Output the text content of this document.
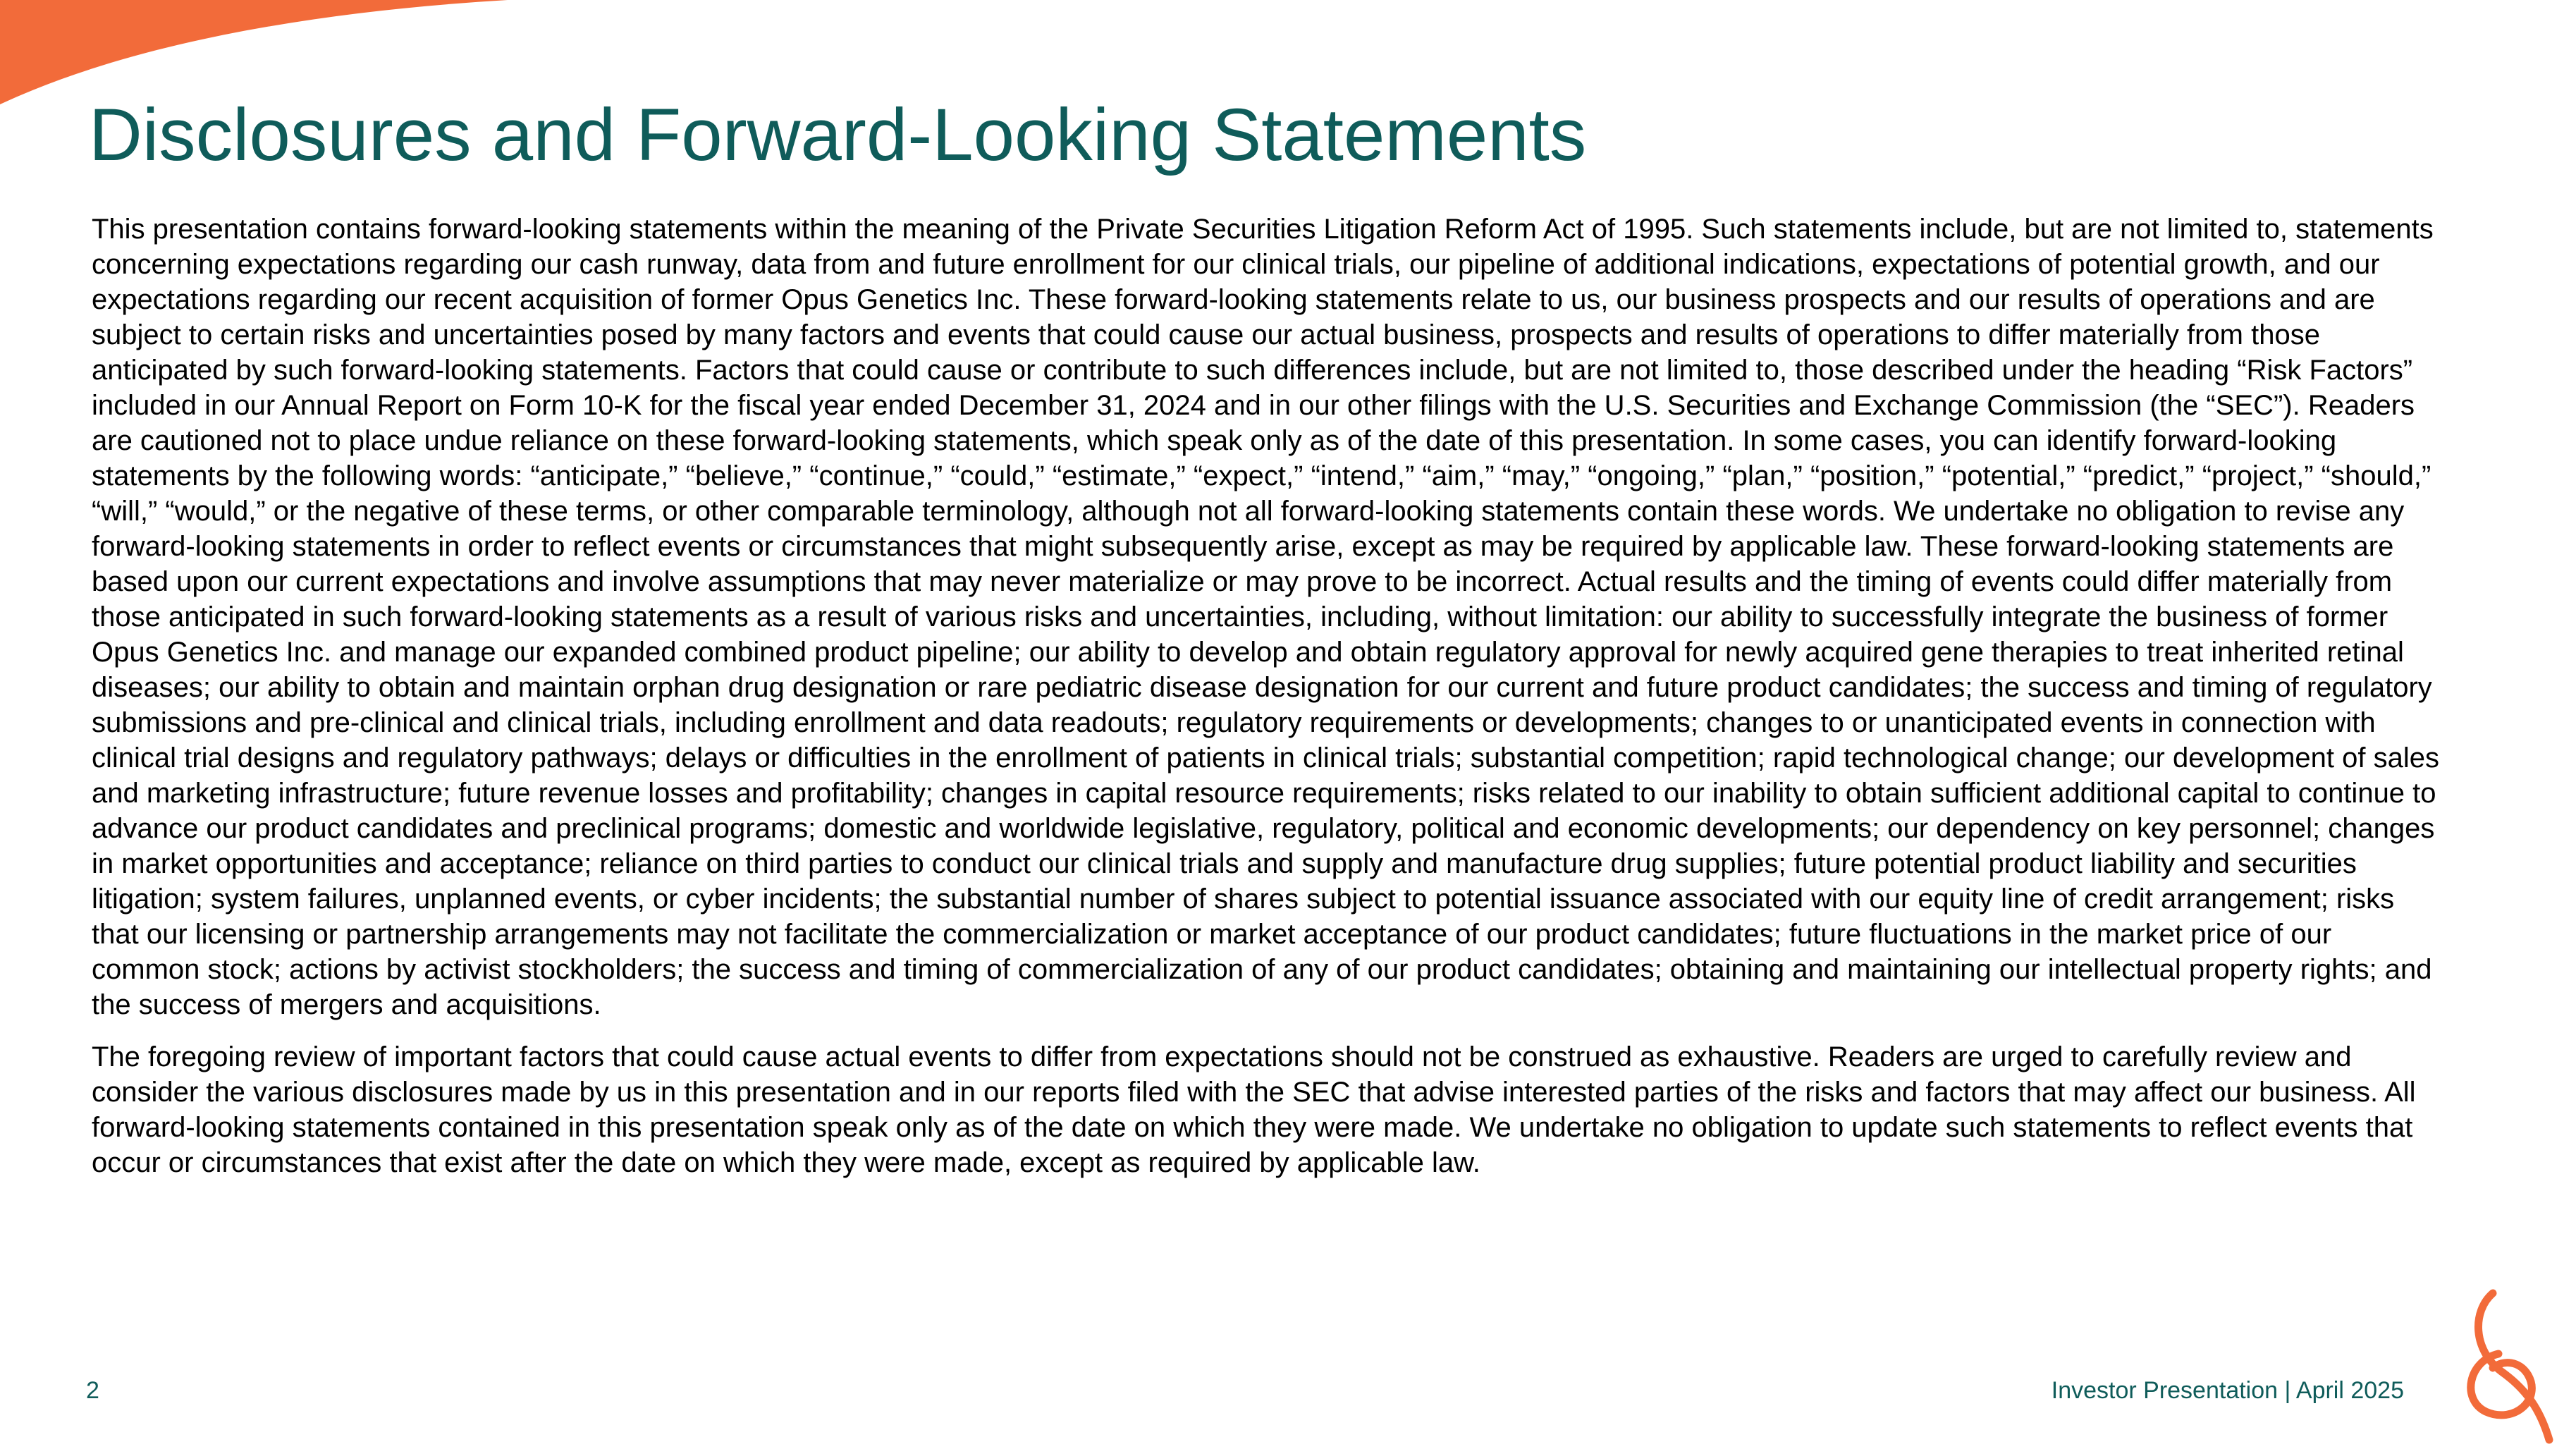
Disclosures and Forward-Looking Statements

This presentation contains forward-looking statements within the meaning of the Private Securities Litigation Reform Act of 1995. Such statements include, but are not limited to, statements concerning expectations regarding our cash runway, data from and future enrollment for our clinical trials, our pipeline of additional indications, expectations of potential growth, and our expectations regarding our recent acquisition of former Opus Genetics Inc. These forward-looking statements relate to us, our business prospects and our results of operations and are subject to certain risks and uncertainties posed by many factors and events that could cause our actual business, prospects and results of operations to differ materially from those anticipated by such forward-looking statements. Factors that could cause or contribute to such differences include, but are not limited to, those described under the heading “Risk Factors” included in our Annual Report on Form 10-K for the fiscal year ended December 31, 2024 and in our other filings with the U.S. Securities and Exchange Commission (the “SEC”). Readers are cautioned not to place undue reliance on these forward-looking statements, which speak only as of the date of this presentation. In some cases, you can identify forward-looking statements by the following words: “anticipate,” “believe,” “continue,” “could,” “estimate,” “expect,” “intend,” “aim,” “may,” “ongoing,” “plan,” “position,” “potential,” “predict,” “project,” “should,” “will,” “would,” or the negative of these terms, or other comparable terminology, although not all forward-looking statements contain these words. We undertake no obligation to revise any forward-looking statements in order to reflect events or circumstances that might subsequently arise, except as may be required by applicable law. These forward-looking statements are based upon our current expectations and involve assumptions that may never materialize or may prove to be incorrect. Actual results and the timing of events could differ materially from those anticipated in such forward-looking statements as a result of various risks and uncertainties, including, without limitation: our ability to successfully integrate the business of former Opus Genetics Inc. and manage our expanded combined product pipeline; our ability to develop and obtain regulatory approval for newly acquired gene therapies to treat inherited retinal diseases; our ability to obtain and maintain orphan drug designation or rare pediatric disease designation for our current and future product candidates; the success and timing of regulatory submissions and pre-clinical and clinical trials, including enrollment and data readouts; regulatory requirements or developments; changes to or unanticipated events in connection with clinical trial designs and regulatory pathways; delays or difficulties in the enrollment of patients in clinical trials; substantial competition; rapid technological change; our development of sales and marketing infrastructure; future revenue losses and profitability; changes in capital resource requirements; risks related to our inability to obtain sufficient additional capital to continue to advance our product candidates and preclinical programs; domestic and worldwide legislative, regulatory, political and economic developments; our dependency on key personnel; changes in market opportunities and acceptance; reliance on third parties to conduct our clinical trials and supply and manufacture drug supplies; future potential product liability and securities litigation; system failures, unplanned events, or cyber incidents; the substantial number of shares subject to potential issuance associated with our equity line of credit arrangement; risks that our licensing or partnership arrangements may not facilitate the commercialization or market acceptance of our product candidates; future fluctuations in the market price of our common stock; actions by activist stockholders; the success and timing of commercialization of any of our product candidates; obtaining and maintaining our intellectual property rights; and the success of mergers and acquisitions.

The foregoing review of important factors that could cause actual events to differ from expectations should not be construed as exhaustive. Readers are urged to carefully review and consider the various disclosures made by us in this presentation and in our reports filed with the SEC that advise interested parties of the risks and factors that may affect our business. All forward-looking statements contained in this presentation speak only as of the date on which they were made. We undertake no obligation to update such statements to reflect events that occur or circumstances that exist after the date on which they were made, except as required by applicable law.

2	Investor Presentation | April 2025
